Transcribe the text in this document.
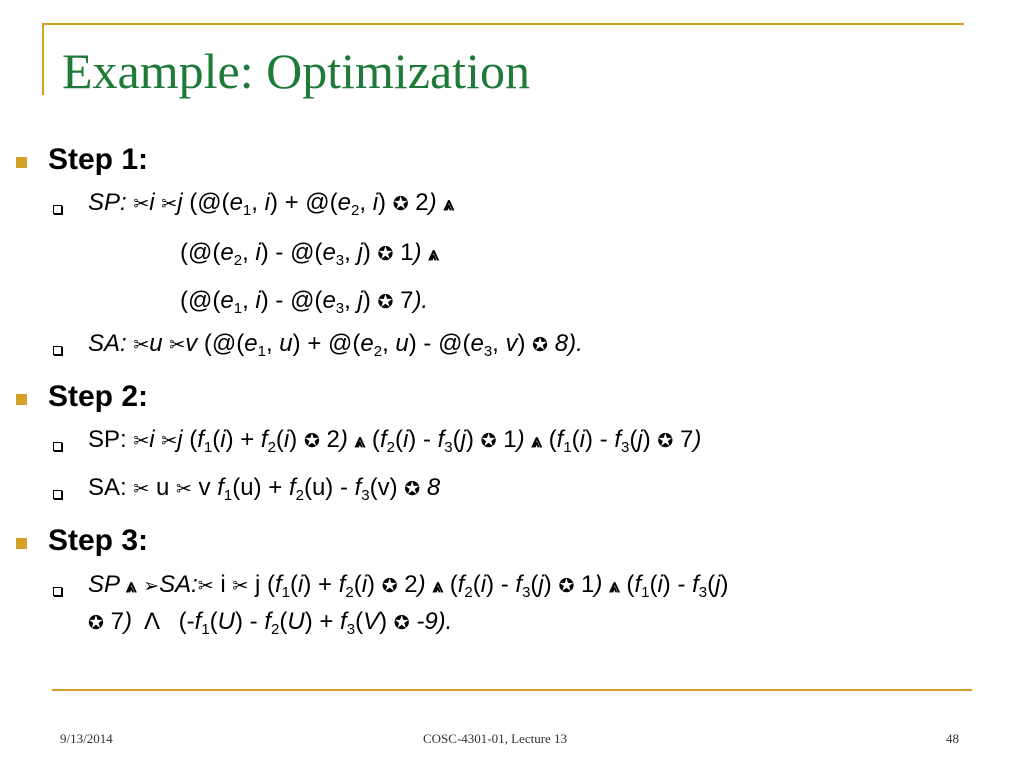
Example: Optimization
Step 1:
SP: ✂i ✂j ($@(e_1$, $i) + @(e_2$, i) ✪ 2) ⩓
($@(e_2$, $i) - @(e_3$, j) ✪ 1) ⩓
($@(e_1$, $i) - @(e_3$, j) ✪ 7).
SA: ✂u ✂v ($@(e_1$, $u) + @(e_2$, $u) - @(e_3$, v) ✪ 8).
Step 2:
SP: ✂i ✂j ($f_1(i) + f_2(i)$ ✪ 2) ⩓ ($f_2(i) - f_3(j)$ ✪ 1) ⩓ ($f_1(i) - f_3(j)$ ✪ 7)
SA: ✂ u ✂ v $f_1(u) + f_2(u) - f_3(v)$ ✪ 8
Step 3:
SP ⩓ ➢SA:✂ i ✂ j ($f_1(i) + f_2(i)$ ✪ 2) ⩓ ($f_2(i) - f_3(j)$ ✪ 1) ⩓ ($f_1(i) - f_3(j)$
✪ 7)  Λ   ($-f_1(U) - f_2(U) + f_3(V)$ ✪ -9).
9/13/2014	COSC-4301-01, Lecture 13	48
